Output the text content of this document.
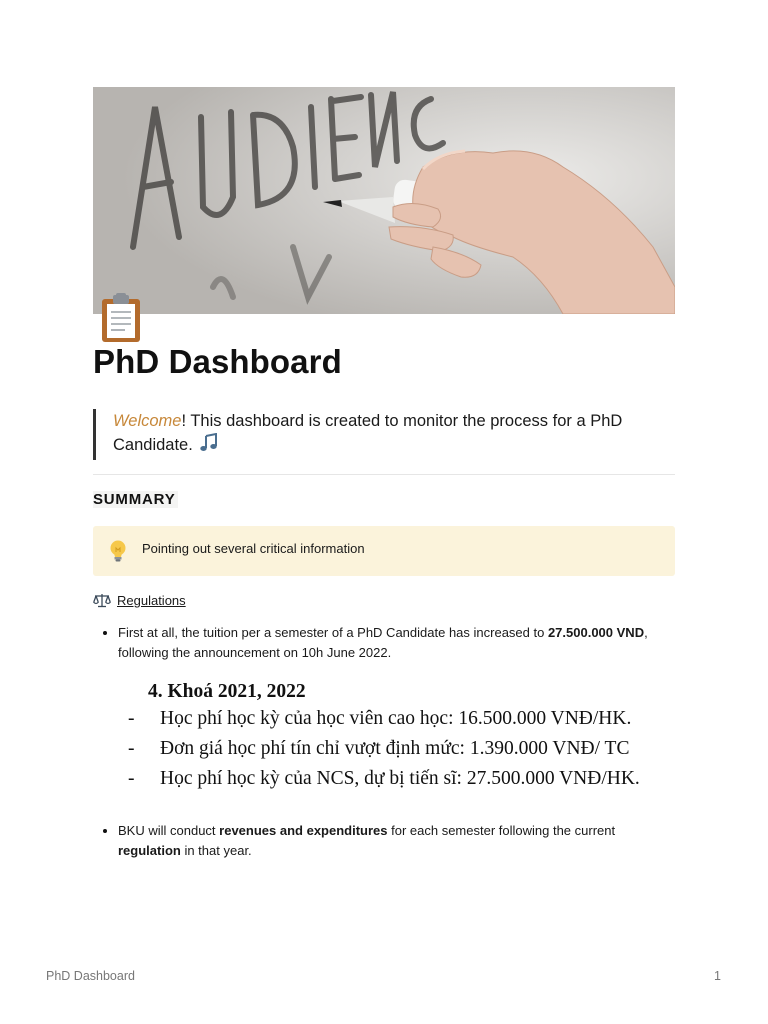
PhD Dashboard
Welcome! This dashboard is created to monitor the process for a PhD Candidate.
SUMMARY
Pointing out several critical information
Regulations
First at all, the tuition per a semester of a PhD Candidate has increased to 27.500.000 VND, following the announcement on 10h June 2022.
4. Khoá 2021, 2022
- Học phí học kỳ của học viên cao học: 16.500.000 VNĐ/HK.
- Đơn giá học phí tín chỉ vượt định mức: 1.390.000 VNĐ/ TC
- Học phí học kỳ của NCS, dự bị tiến sĩ: 27.500.000 VNĐ/HK.
BKU will conduct revenues and expenditures for each semester following the current regulation in that year.
PhD Dashboard	1
